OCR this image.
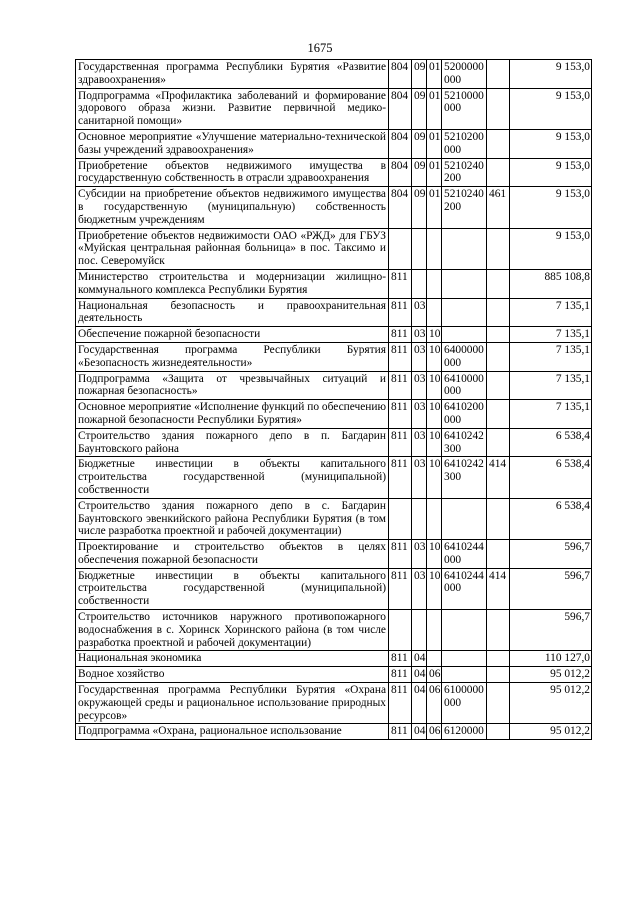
1675
Государственная программа Республики Бурятия «Развитие здравоохранения»	804	09	01	5200000 000		9 153,0
Подпрограмма «Профилактика заболеваний и формирование здорового образа жизни. Развитие первичной медико-санитарной помощи»	804	09	01	5210000 000		9 153,0
Основное мероприятие «Улучшение материально-технической базы учреждений здравоохранения»	804	09	01	5210200 000		9 153,0
Приобретение объектов недвижимого имущества в государственную собственность в отрасли здравоохранения	804	09	01	5210240 200		9 153,0
Субсидии на приобретение объектов недвижимого имущества в государственную (муниципальную) собственность бюджетным учреждениям	804	09	01	5210240 200	461	9 153,0
Приобретение объектов недвижимости ОАО «РЖД» для ГБУЗ «Муйская центральная районная больница» в пос. Таксимо и пос. Северомуйск						9 153,0
Министерство строительства и модернизации жилищно-коммунального комплекса Республики Бурятия	811					885 108,8
Национальная безопасность и правоохранительная деятельность	811	03				7 135,1
Обеспечение пожарной безопасности	811	03	10			7 135,1
Государственная программа Республики Бурятия «Безопасность жизнедеятельности»	811	03	10	6400000 000		7 135,1
Подпрограмма «Защита от чрезвычайных ситуаций и пожарная безопасность»	811	03	10	6410000 000		7 135,1
Основное мероприятие «Исполнение функций по обеспечению пожарной безопасности Республики Бурятия»	811	03	10	6410200 000		7 135,1
Строительство здания пожарного депо в п. Багдарин Баунтовского района	811	03	10	6410242 300		6 538,4
Бюджетные инвестиции в объекты капитального строительства государственной (муниципальной) собственности	811	03	10	6410242 300	414	6 538,4
Строительство здания пожарного депо в с. Багдарин Баунтовского эвенкийского района Республики Бурятия (в том числе разработка проектной и рабочей документации)						6 538,4
Проектирование и строительство объектов в целях обеспечения пожарной безопасности	811	03	10	6410244 000		596,7
Бюджетные инвестиции в объекты капитального строительства государственной (муниципальной) собственности	811	03	10	6410244 000	414	596,7
Строительство источников наружного противопожарного водоснабжения в с. Хоринск Хоринского района (в том числе разработка проектной и рабочей документации)						596,7
Национальная экономика	811	04				110 127,0
Водное хозяйство	811	04	06			95 012,2
Государственная программа Республики Бурятия «Охрана окружающей среды и рациональное использование природных ресурсов»	811	04	06	6100000 000		95 012,2
Подпрограмма «Охрана, рациональное использование	811	04	06	6120000		95 012,2
